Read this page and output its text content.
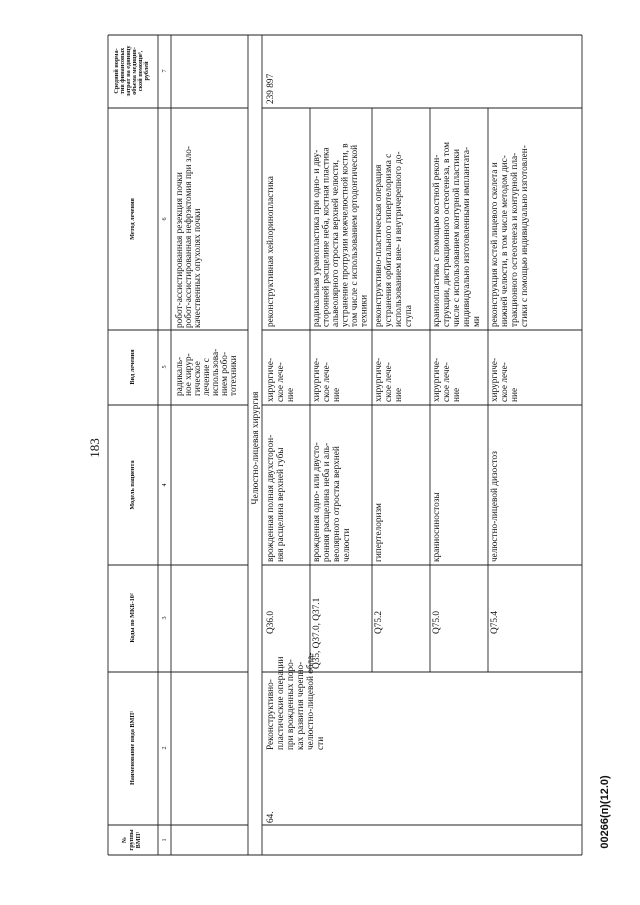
183
00266(п)(12.0)
Средний норма- тив финансовых затрат на единицу объема медицин- ской помощи³, рублей
Метод лечения
Вид лечения
Модель пациента
Коды по МКБ-10²
Наименование вида ВМП¹
№ группы ВМП¹
7
6
5
4
3
2
1
радикаль- ное хирур- гическое лечение с использова- нием робо- тотехники
робот-ассистированная резекция почки робот-ассистированная нефрэктомия при зло- качественных опухолях почки
Челюстно-лицевая хирургия
64.
Реконструктивно- пластические операции при врожденных поро- ках развития черепно- челюстно-лицевой обла- сти
239 897
Q36.0
врожденная полная двухсторон- няя расщелина верхней губы
хирургиче- ское лече- ние
реконструктивная хейлоринопластика
Q35, Q37.0, Q37.1
врожденная одно- или двусто- ронняя расщелина неба и аль- веолярного отростка верхней челюсти
хирургиче- ское лече- ние
радикальная уранопластика при одно- и дву- сторонней расщелине неба, костная пластика альвеолярного отростка верхней челюсти, устранение протрузии межчелюстной кости, в том числе с использованием ортодонтической техники
Q75.2
гипертелоризм
хирургиче- ское лече- ние
реконструктивно-пластическая операция устранения орбитального гипертелоризма с использованием вне- и внутричерепного до- ступа
Q75.0
краниосиностозы
хирургиче- ское лече- ние
краниопластика с помощью костной рекон- струкции, дистракционного остеогенеза, в том числе с использованием контурной пластики индивидуально изготовленными имплантата- ми
Q75.4
челюстно-лицевой дизостоз
хирургиче- ское лече- ние
реконструкция костей лицевого скелета и нижней челюсти, в том числе методом дис- тракционного остеогенеза и контурной пла- стики с помощью индивидуально изготовлен-
